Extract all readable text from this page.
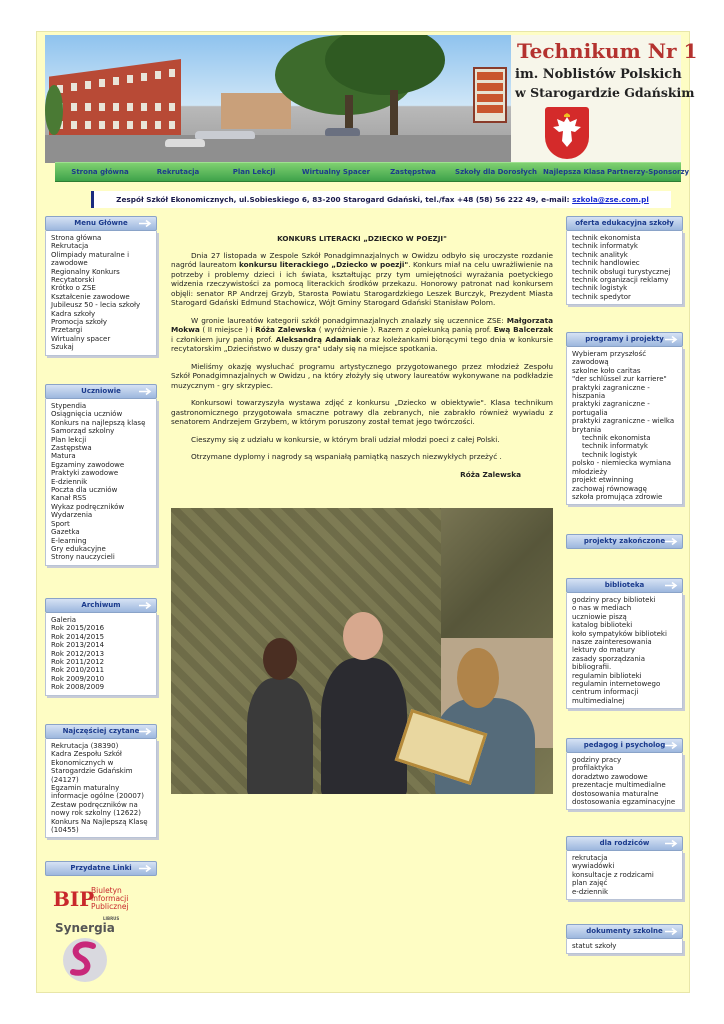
Technikum Nr 1
im. Noblistów Polskich
w Starogardzie Gdańskim
Strona główna	Rekrutacja	Plan Lekcji	Wirtualny Spacer	Zastępstwa	Szkoły dla Dorosłych Najlepsza Klasa Partnerzy-Sponsorzy
Zespół Szkół Ekonomicznych, ul.Sobieskiego 6, 83-200 Starogard Gdański, tel./fax +48 (58) 56 222 49, e-mail: szkola@zse.com.pl
Menu Główne
Strona główna
Rekrutacja
Olimpiady maturalne i
zawodowe
Regionalny Konkurs
Recytatorski
Krótko o ZSE
Kształcenie zawodowe
Jubileusz 50 - lecia szkoły
Kadra szkoły
Promocja szkoły
Przetargi
Wirtualny spacer
Szukaj
Uczniowie
Stypendia
Osiągnięcia uczniów
Konkurs na najlepszą klasę
Samorząd szkolny
Plan lekcji
Zastępstwa
Matura
Egzaminy zawodowe
Praktyki zawodowe
E-dziennik
Poczta dla uczniów
Kanał RSS
Wykaz podręczników
Wydarzenia
Sport
Gazetka
E-learning
Gry edukacyjne
Strony nauczycieli
Archiwum
Galeria
Rok 2015/2016
Rok 2014/2015
Rok 2013/2014
Rok 2012/2013
Rok 2011/2012
Rok 2010/2011
Rok 2009/2010
Rok 2008/2009
Najczęściej czytane
Rekrutacja (38390)
Kadra Zespołu Szkół
Ekonomicznych w
Starogardzie Gdańskim
(24127)
Egzamin maturalny
informacje ogólne (20007)
Zestaw podręczników na
nowy rok szkolny (12622)
Konkurs Na Najlepszą Klasę
(10455)
Przydatne Linki
BIP
Biuletyn
Informacji
Publicznej
LIBRUS
Synergia
KONKURS LITERACKI „DZIECKO W POEZJI"

Dnia 27 listopada w Zespole Szkół Ponadgimnazjalnych w Owidzu odbyło się uroczyste rozdanie nagród laureatom konkursu literackiego „Dziecko w poezji". Konkurs miał na celu uwrażliwienie na potrzeby i problemy dzieci i ich świata, kształtując przy tym umiejętności wyrażania poetyckiego widzenia rzeczywistości za pomocą literackich środków przekazu. Honorowy patronat nad konkursem objęli: senator RP Andrzej Grzyb, Starosta Powiatu Starogardzkiego Leszek Burczyk, Prezydent Miasta Starogard Gdański Edmund Stachowicz, Wójt Gminy Starogard Gdański Stanisław Polom.

W gronie laureatów kategorii szkół ponadgimnazjalnych znalazły się uczennice ZSE: Małgorzata Mokwa ( II miejsce ) i Róża Zalewska ( wyróżnienie ). Razem z opiekunką panią prof. Ewą Balcerzak i członkiem jury panią prof. Aleksandrą Adamiak oraz koleżankami biorącymi tego dnia w konkursie recytatorskim „Dzieciństwo w duszy gra" udały się na miejsce spotkania.

Mieliśmy okazję wysłuchać programu artystycznego przygotowanego przez młodzież Zespołu Szkół Ponadgimnazjalnych w Owidzu , na który złożyły się utwory laureatów wykonywane na podkładzie muzycznym - gry skrzypiec.

Konkursowi towarzyszyła wystawa zdjęć z konkursu „Dziecko w obiektywie". Klasa technikum gastronomicznego przygotowała smaczne potrawy dla zebranych, nie zabrakło również wywiadu z senatorem Andrzejem Grzybem, w którym poruszony został temat jego twórczości.

Cieszymy się z udziału w konkursie, w którym brali udział młodzi poeci z całej Polski.

Otrzymane dyplomy i nagrody są wspaniałą pamiątką naszych niezwykłych przeżyć .

Róża Zalewska
oferta edukacyjna szkoły
technik ekonomista
technik informatyk
technik analityk
technik handlowiec
technik obsługi turystycznej
technik organizacji reklamy
technik logistyk
technik spedytor
programy i projekty
Wybieram przyszłość
zawodową
szkolne koło caritas
"der schlüssel zur karriere"
praktyki zagraniczne -
hiszpania
praktyki zagraniczne -
portugalia
praktyki zagraniczne - wielka
brytania
technik ekonomista
technik informatyk
technik logistyk
polsko - niemiecka wymiana
młodzieży
projekt etwinning
zachowaj równowagę
szkoła promująca zdrowie
projekty zakończone
biblioteka
godziny pracy biblioteki
o nas w mediach
uczniowie piszą
katalog biblioteki
koło sympatyków biblioteki
nasze zainteresowania
lektury do matury
zasady sporządzania
bibliografii.
regulamin biblioteki
regulamin internetowego
centrum informacji
multimedialnej
pedagog i psycholog
godziny pracy
profilaktyka
doradztwo zawodowe
prezentacje multimedialne
dostosowania maturalne
dostosowania egzaminacyjne
dla rodziców
rekrutacja
wywiadówki
konsultacje z rodzicami
plan zajęć
e-dziennik
dokumenty szkolne
statut szkoły
